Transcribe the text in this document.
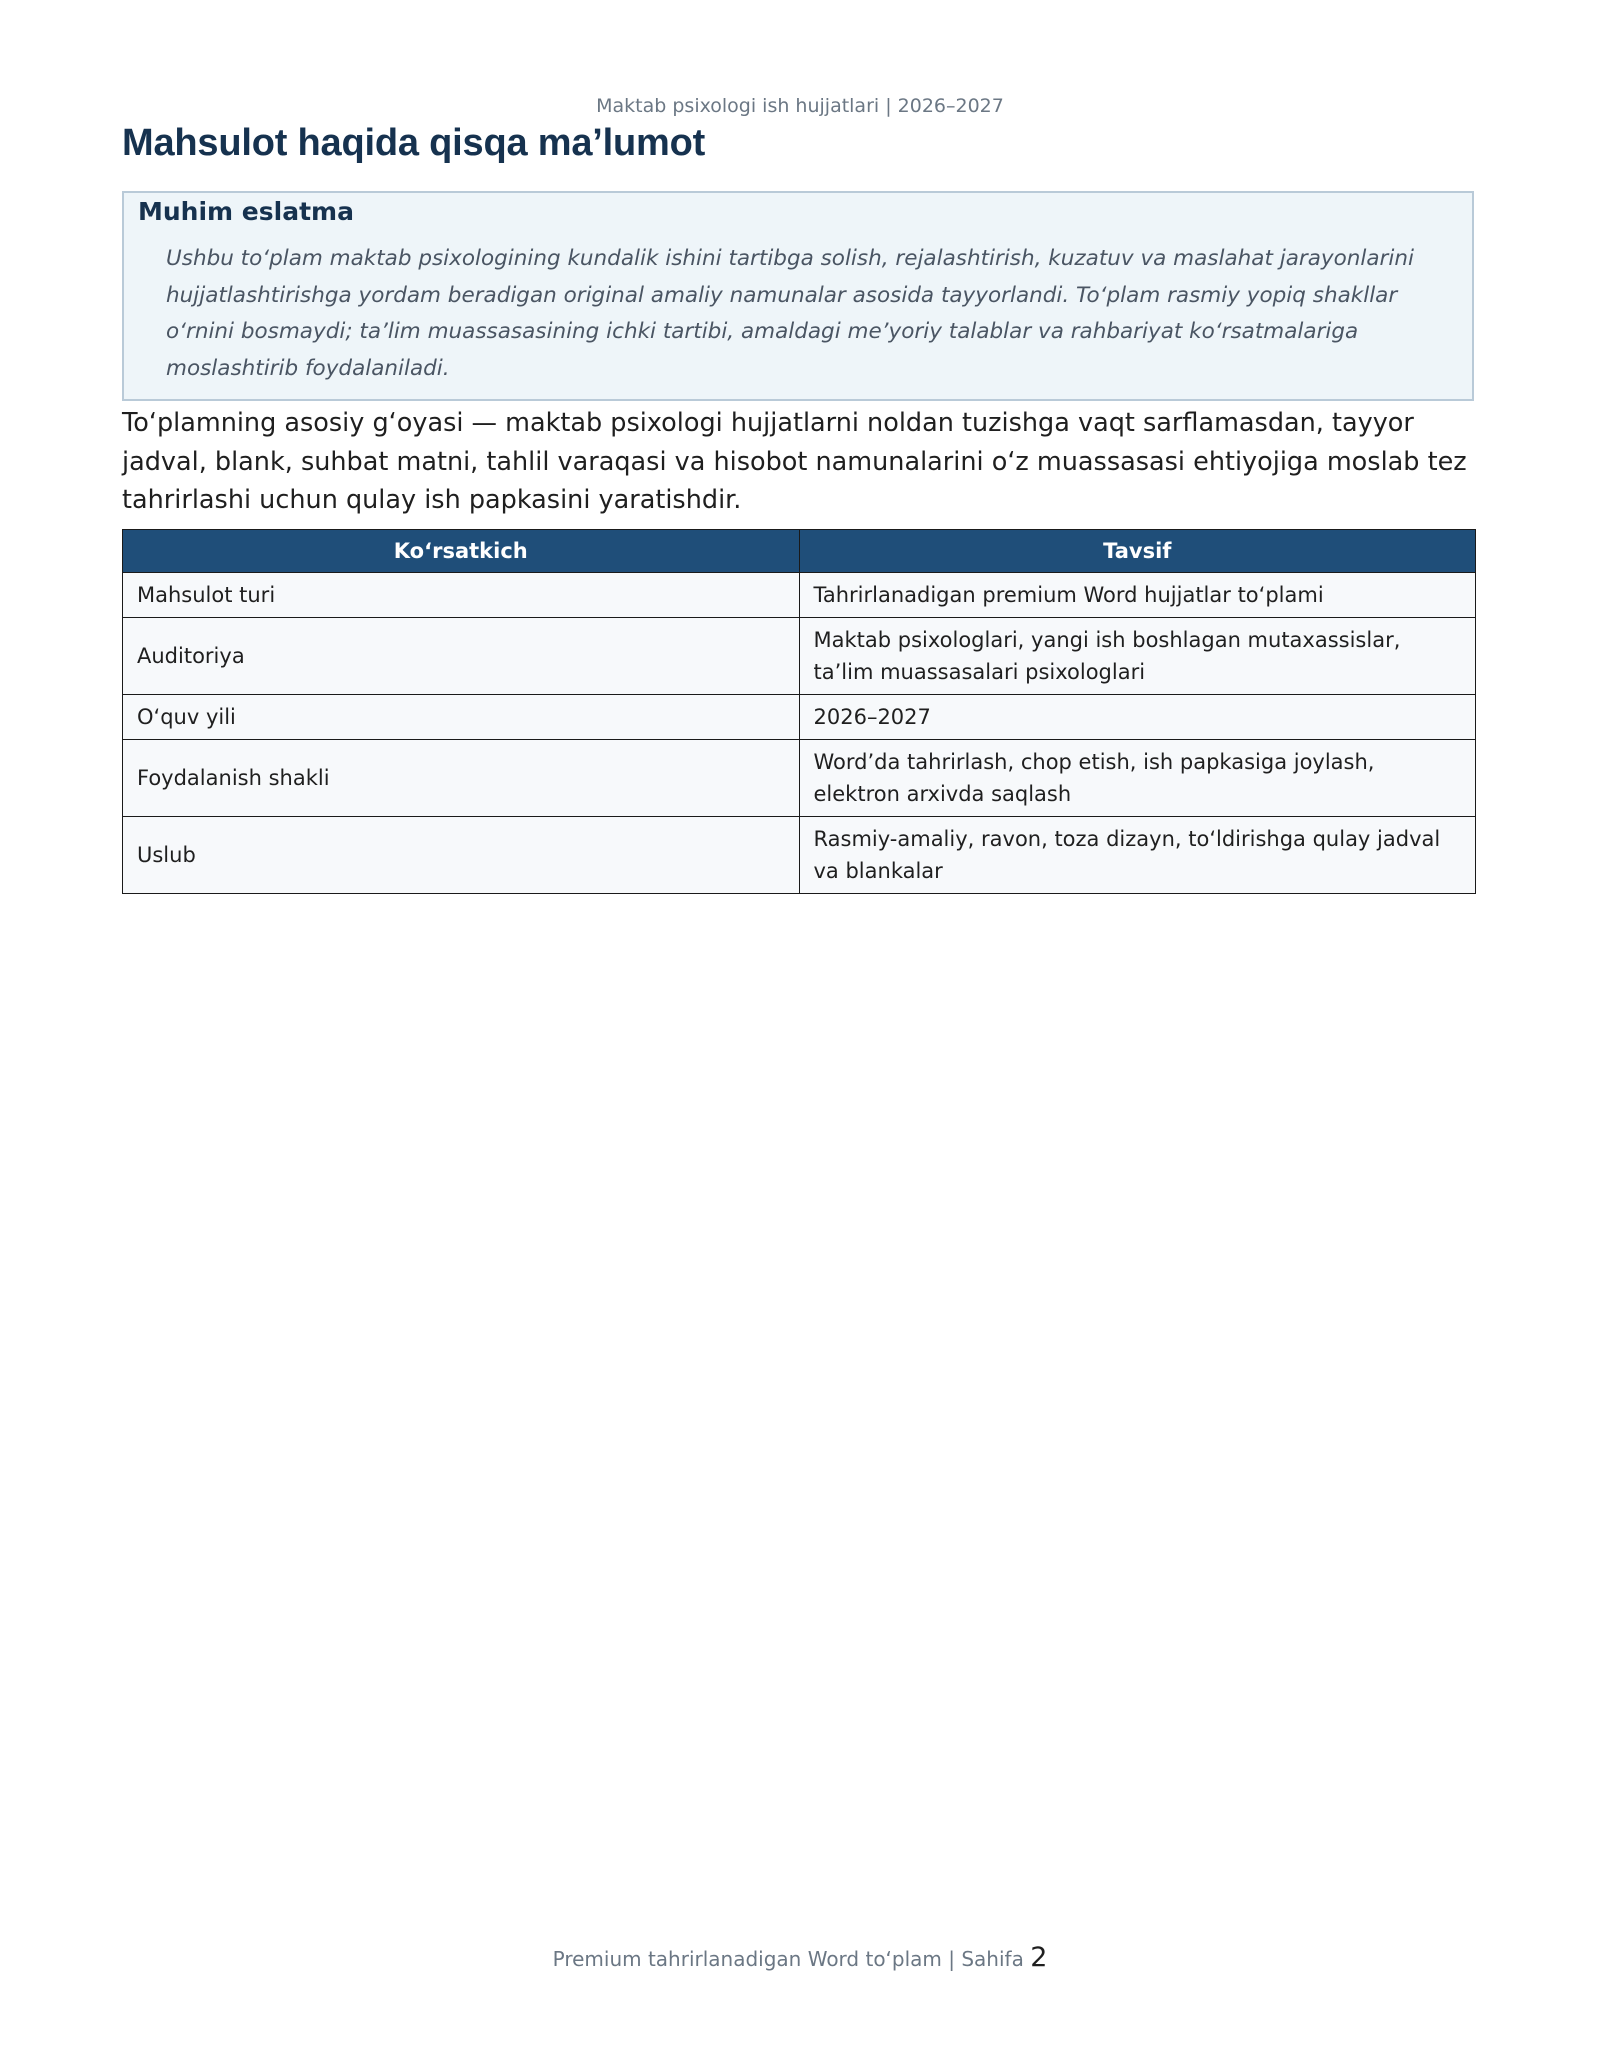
Maktab psixologi ish hujjatlari | 2026–2027
Mahsulot haqida qisqa ma’lumot
Muhim eslatma

Ushbu to‘plam maktab psixologining kundalik ishini tartibga solish, rejalashtirish, kuzatuv va maslahat jarayonlarini hujjatlashtirishga yordam beradigan original amaliy namunalar asosida tayyorlandi. To‘plam rasmiy yopiq shakllar o‘rnini bosmaydi; ta’lim muassasasining ichki tartibi, amaldagi me’yoriy talablar va rahbariyat ko‘rsatmalariga moslashtirib foydalaniladi.

To‘plamning asosiy g‘oyasi — maktab psixologi hujjatlarni noldan tuzishga vaqt sarflamasdan, tayyor jadval, blank, suhbat matni, tahlil varaqasi va hisobot namunalarini o‘z muassasasi ehtiyojiga moslab tez tahrirlashi uchun qulay ish papkasini yaratishdir.

Ko‘rsatkich	Tavsif
Mahsulot turi	Tahrirlanadigan premium Word hujjatlar to‘plami
Auditoriya	Maktab psixologlari, yangi ish boshlagan mutaxassislar, ta’lim muassasalari psixologlari
O‘quv yili	2026–2027
Foydalanish shakli	Word’da tahrirlash, chop etish, ish papkasiga joylash, elektron arxivda saqlash
Uslub	Rasmiy-amaliy, ravon, toza dizayn, to‘ldirishga qulay jadval va blankalar
Premium tahrirlanadigan Word to‘plam | Sahifa 2
